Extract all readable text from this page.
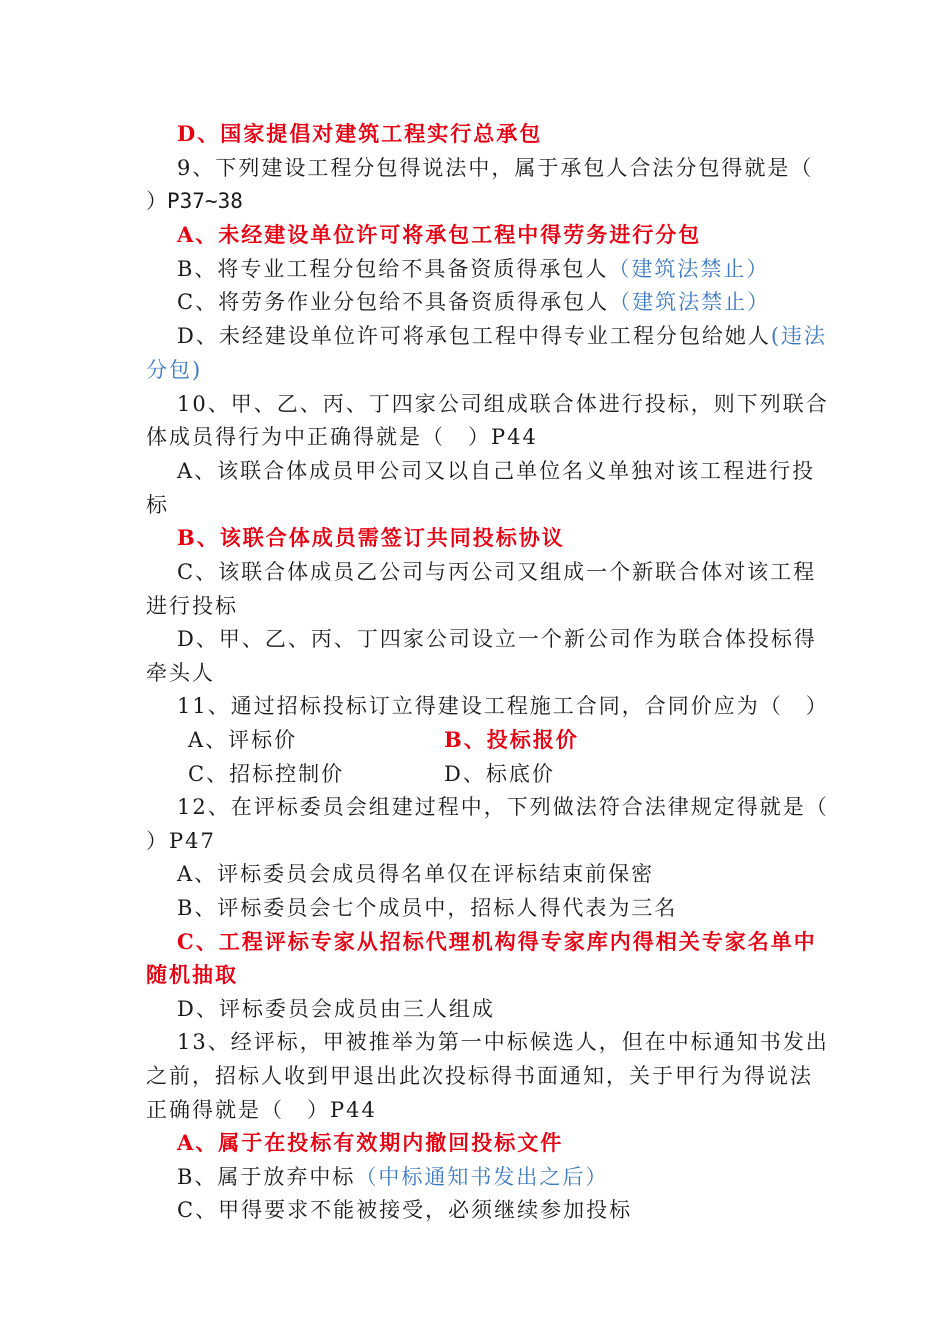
D、国家提倡对建筑工程实行总承包
9、下列建设工程分包得说法中，属于承包人合法分包得就是（
）P37~38
A、未经建设单位许可将承包工程中得劳务进行分包
B、将专业工程分包给不具备资质得承包人（建筑法禁止）
C、将劳务作业分包给不具备资质得承包人（建筑法禁止）
D、未经建设单位许可将承包工程中得专业工程分包给她人(违法
分包)
10、甲、乙、丙、丁四家公司组成联合体进行投标，则下列联合
体成员得行为中正确得就是（　）P44
A、该联合体成员甲公司又以自己单位名义单独对该工程进行投
标
B、该联合体成员需签订共同投标协议
C、该联合体成员乙公司与丙公司又组成一个新联合体对该工程
进行投标
D、甲、乙、丙、丁四家公司设立一个新公司作为联合体投标得
牵头人
11、通过招标投标订立得建设工程施工合同，合同价应为（　）
A、评标价	B、投标报价
C、招标控制价	D、标底价
12、在评标委员会组建过程中，下列做法符合法律规定得就是（
）P47
A、评标委员会成员得名单仅在评标结束前保密
B、评标委员会七个成员中，招标人得代表为三名
C、工程评标专家从招标代理机构得专家库内得相关专家名单中
随机抽取
D、评标委员会成员由三人组成
13、经评标，甲被推举为第一中标候选人，但在中标通知书发出
之前，招标人收到甲退出此次投标得书面通知，关于甲行为得说法
正确得就是（　）P44
A、属于在投标有效期内撤回投标文件
B、属于放弃中标（中标通知书发出之后）
C、甲得要求不能被接受，必须继续参加投标
